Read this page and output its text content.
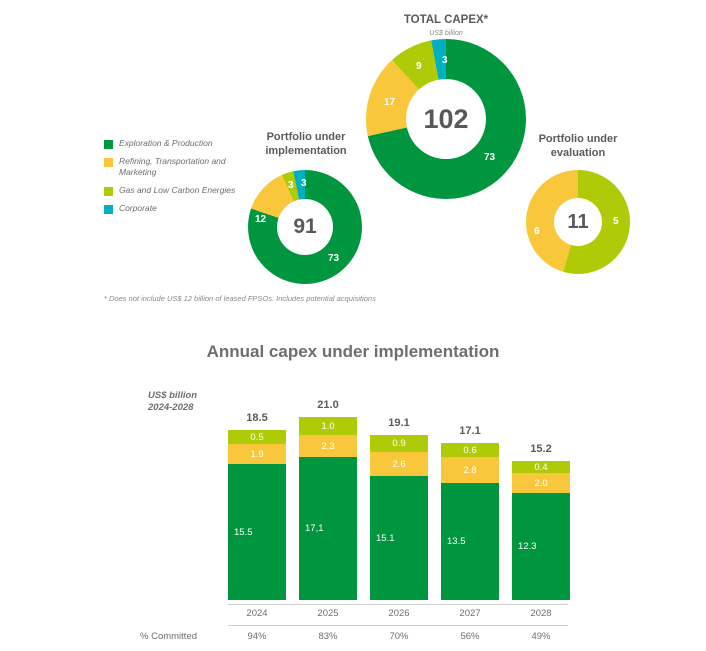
Exploration & Production
Refining, Transportation and Marketing
Gas and Low Carbon Energies
Corporate
TOTAL CAPEX*
US$ billion
102
73
17
9
3
Portfolio under implementation
91
73
12
3 3
Portfolio under evaluation
11
6
5
* Does not include US$ 12 billion of leased FPSOs. Includes potential acquisitions
Annual capex under implementation
US$ billion
2024-2028
18.5
0.5
1.9
15.5
21.0
1.0
2.3
17,1
19.1
0.9
2.6
15.1
17.1
0.6
2.8
13.5
15.2
0.4
2.0
12.3
2024	2025	2026	2027	2028
% Committed	94%	83%	70%	56%	49%
